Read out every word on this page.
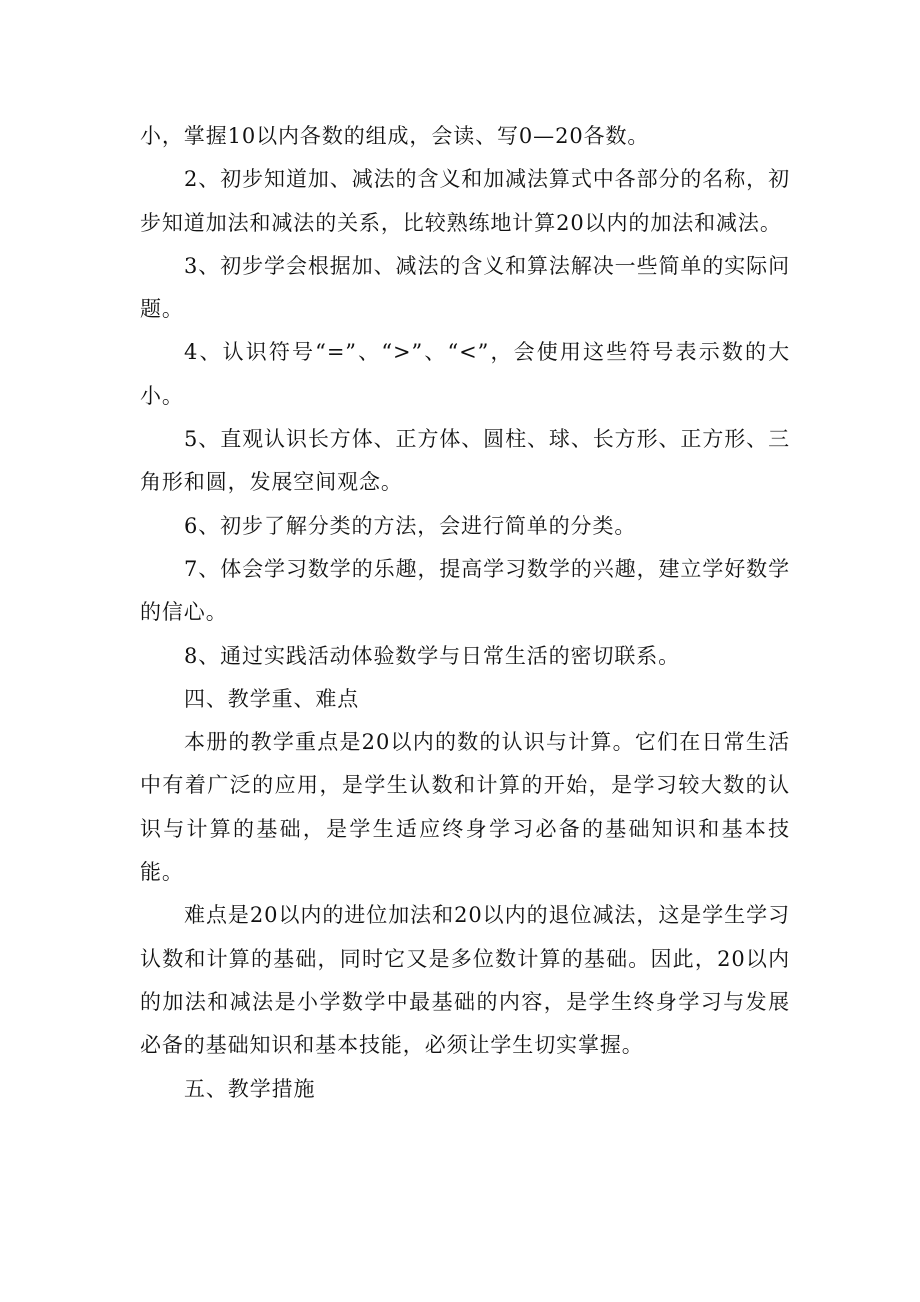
小，掌握10以内各数的组成，会读、写0—20各数。

2、初步知道加、减法的含义和加减法算式中各部分的名称，初步知道加法和减法的关系，比较熟练地计算20以内的加法和减法。

3、初步学会根据加、减法的含义和算法解决一些简单的实际问题。

4、认识符号“=”、“>”、“<”，会使用这些符号表示数的大小。

5、直观认识长方体、正方体、圆柱、球、长方形、正方形、三角形和圆，发展空间观念。

6、初步了解分类的方法，会进行简单的分类。

7、体会学习数学的乐趣，提高学习数学的兴趣，建立学好数学的信心。

8、通过实践活动体验数学与日常生活的密切联系。

四、教学重、难点

本册的教学重点是20以内的数的认识与计算。它们在日常生活中有着广泛的应用，是学生认数和计算的开始，是学习较大数的认识与计算的基础，是学生适应终身学习必备的基础知识和基本技能。

难点是20以内的进位加法和20以内的退位减法，这是学生学习认数和计算的基础，同时它又是多位数计算的基础。因此，20以内的加法和减法是小学数学中最基础的内容，是学生终身学习与发展必备的基础知识和基本技能，必须让学生切实掌握。

五、教学措施
